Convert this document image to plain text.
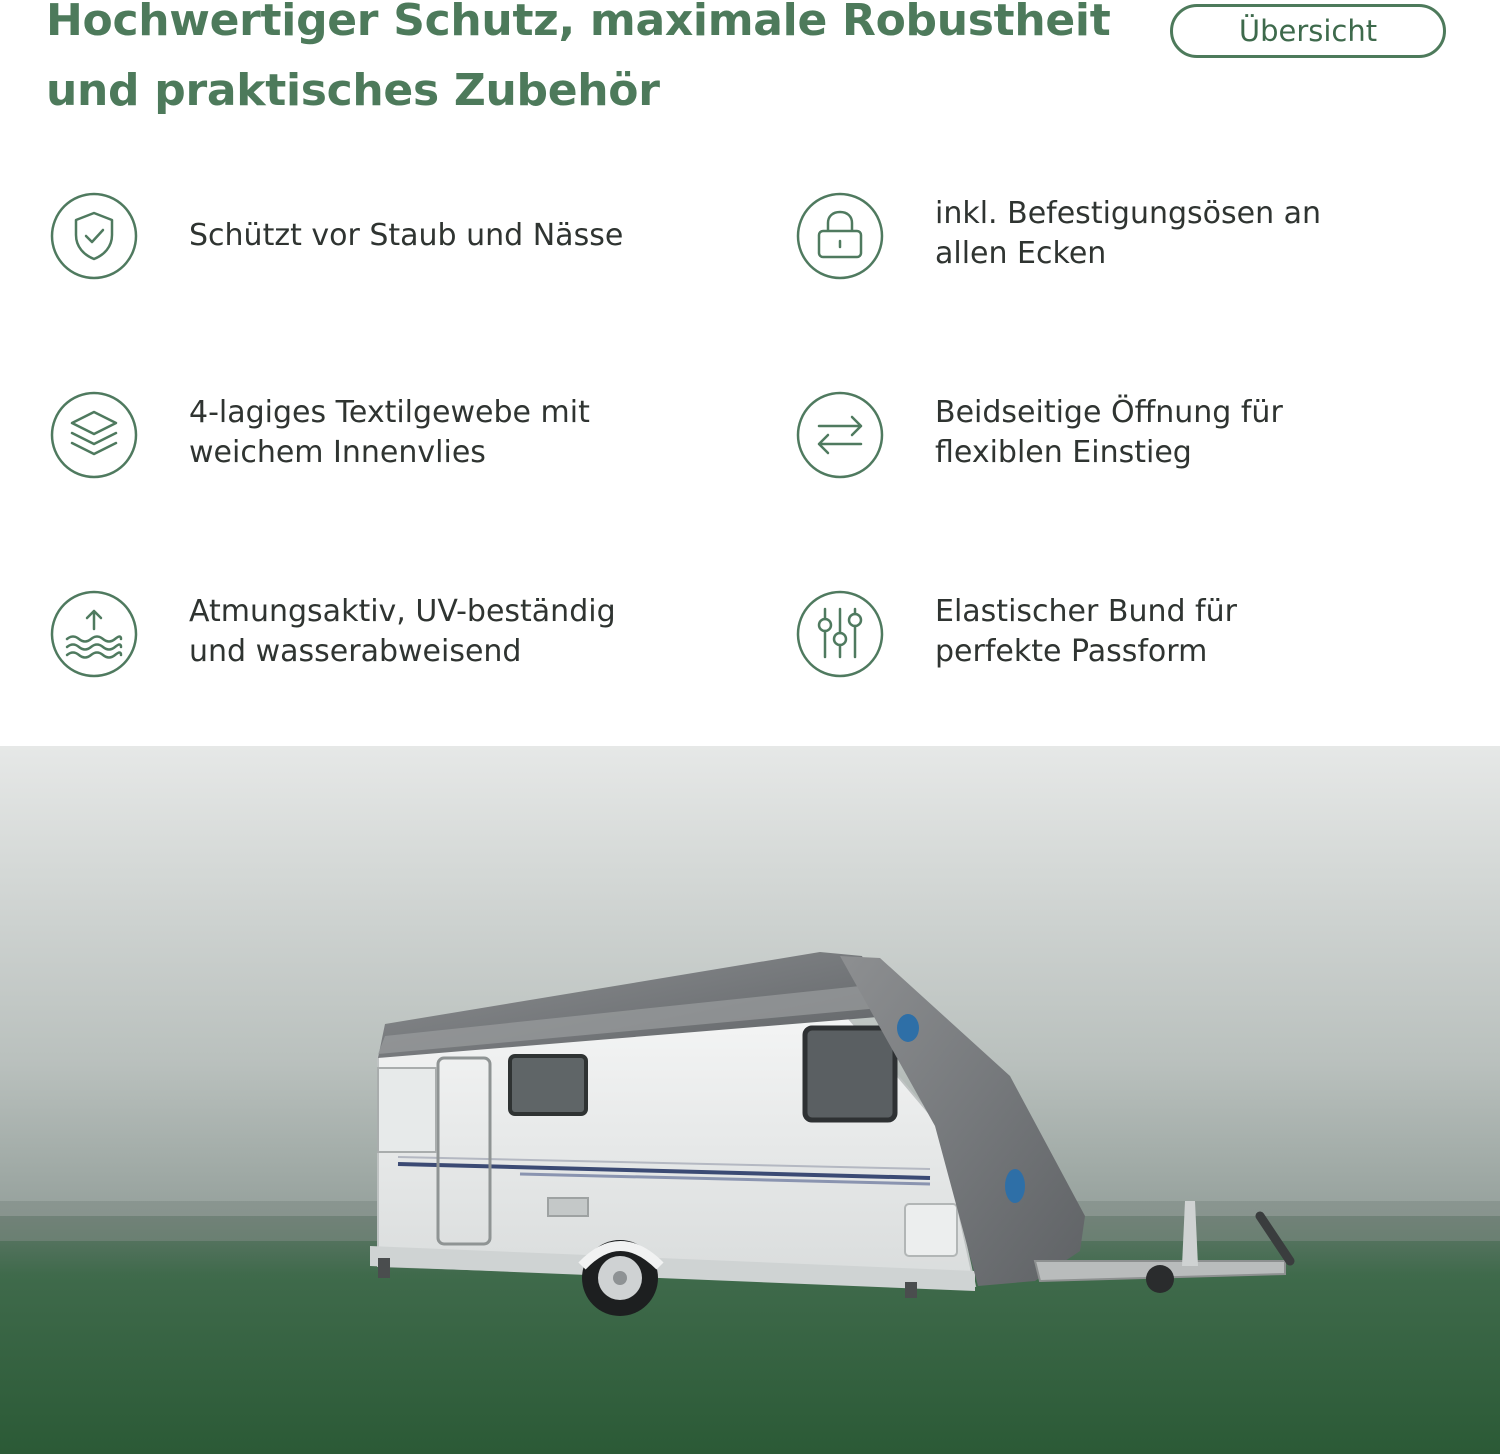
Hochwertiger Schutz, maximale Robustheit
und praktisches Zubehör
Übersicht
Schützt vor Staub und Nässe
inkl. Befestigungsösen an
allen Ecken
4-lagiges Textilgewebe mit
weichem Innenvlies
Beidseitige Öffnung für
flexiblen Einstieg
Atmungsaktiv, UV-beständig
und wasserabweisend
Elastischer Bund für
perfekte Passform
